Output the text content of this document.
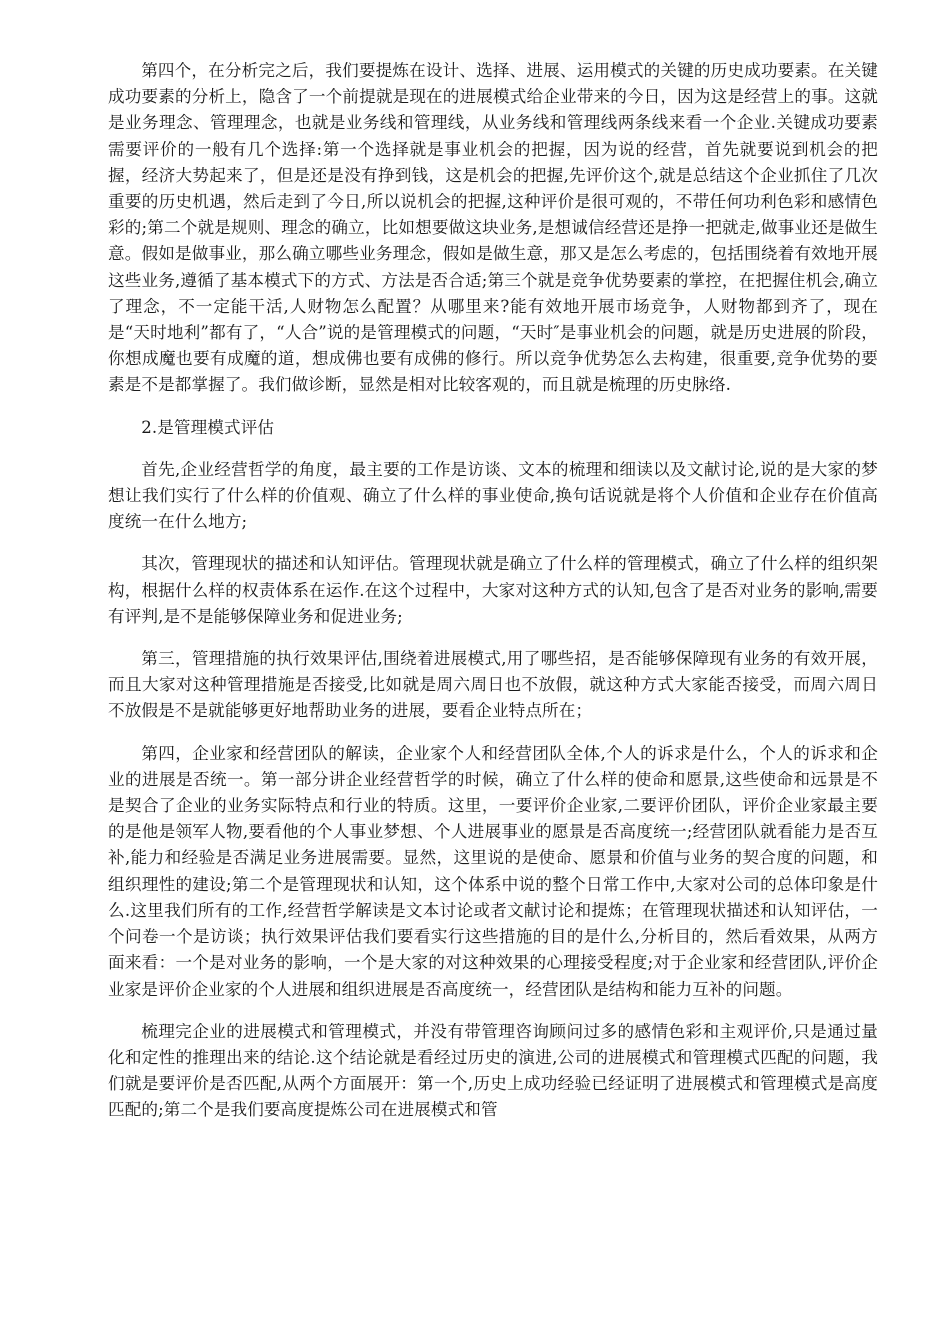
第四个，在分析完之后，我们要提炼在设计、选择、进展、运用模式的关键的历史成功要素。在关键成功要素的分析上，隐含了一个前提就是现在的进展模式给企业带来的今日，因为这是经营上的事。这就是业务理念、管理理念，也就是业务线和管理线，从业务线和管理线两条线来看一个企业.关键成功要素需要评价的一般有几个选择:第一个选择就是事业机会的把握，因为说的经营，首先就要说到机会的把握，经济大势起来了，但是还是没有挣到钱，这是机会的把握,先评价这个,就是总结这个企业抓住了几次重要的历史机遇，然后走到了今日,所以说机会的把握,这种评价是很可观的，不带任何功利色彩和感情色彩的;第二个就是规则、理念的确立，比如想要做这块业务,是想诚信经营还是挣一把就走,做事业还是做生意。假如是做事业，那么确立哪些业务理念，假如是做生意，那又是怎么考虑的，包括围绕着有效地开展这些业务,遵循了基本模式下的方式、方法是否合适;第三个就是竞争优势要素的掌控，在把握住机会,确立了理念，不一定能干活,人财物怎么配置？从哪里来?能有效地开展市场竞争，人财物都到齐了，现在是“天时地利”都有了，“人合”说的是管理模式的问题，“天时″是事业机会的问题，就是历史进展的阶段，你想成魔也要有成魔的道，想成佛也要有成佛的修行。所以竞争优势怎么去构建，很重要,竞争优势的要素是不是都掌握了。我们做诊断，显然是相对比较客观的，而且就是梳理的历史脉络.

2.是管理模式评估

首先,企业经营哲学的角度，最主要的工作是访谈、文本的梳理和细读以及文献讨论,说的是大家的梦想让我们实行了什么样的价值观、确立了什么样的事业使命,换句话说就是将个人价值和企业存在价值高度统一在什么地方;

其次，管理现状的描述和认知评估。管理现状就是确立了什么样的管理模式，确立了什么样的组织架构，根据什么样的权责体系在运作.在这个过程中，大家对这种方式的认知,包含了是否对业务的影响,需要有评判,是不是能够保障业务和促进业务;

第三，管理措施的执行效果评估,围绕着进展模式,用了哪些招，是否能够保障现有业务的有效开展，而且大家对这种管理措施是否接受,比如就是周六周日也不放假，就这种方式大家能否接受，而周六周日不放假是不是就能够更好地帮助业务的进展，要看企业特点所在；

第四，企业家和经营团队的解读，企业家个人和经营团队全体,个人的诉求是什么，个人的诉求和企业的进展是否统一。第一部分讲企业经营哲学的时候，确立了什么样的使命和愿景,这些使命和远景是不是契合了企业的业务实际特点和行业的特质。这里，一要评价企业家,二要评价团队，评价企业家最主要的是他是领军人物,要看他的个人事业梦想、个人进展事业的愿景是否高度统一;经营团队就看能力是否互补,能力和经验是否满足业务进展需要。显然，这里说的是使命、愿景和价值与业务的契合度的问题，和组织理性的建设;第二个是管理现状和认知，这个体系中说的整个日常工作中,大家对公司的总体印象是什么.这里我们所有的工作,经营哲学解读是文本讨论或者文献讨论和提炼；在管理现状描述和认知评估，一个问卷一个是访谈；执行效果评估我们要看实行这些措施的目的是什么,分析目的，然后看效果，从两方面来看：一个是对业务的影响，一个是大家的对这种效果的心理接受程度;对于企业家和经营团队,评价企业家是评价企业家的个人进展和组织进展是否高度统一，经营团队是结构和能力互补的问题。

梳理完企业的进展模式和管理模式，并没有带管理咨询顾问过多的感情色彩和主观评价,只是通过量化和定性的推理出来的结论.这个结论就是看经过历史的演进,公司的进展模式和管理模式匹配的问题，我们就是要评价是否匹配,从两个方面展开：第一个,历史上成功经验已经证明了进展模式和管理模式是高度匹配的;第二个是我们要高度提炼公司在进展模式和管
